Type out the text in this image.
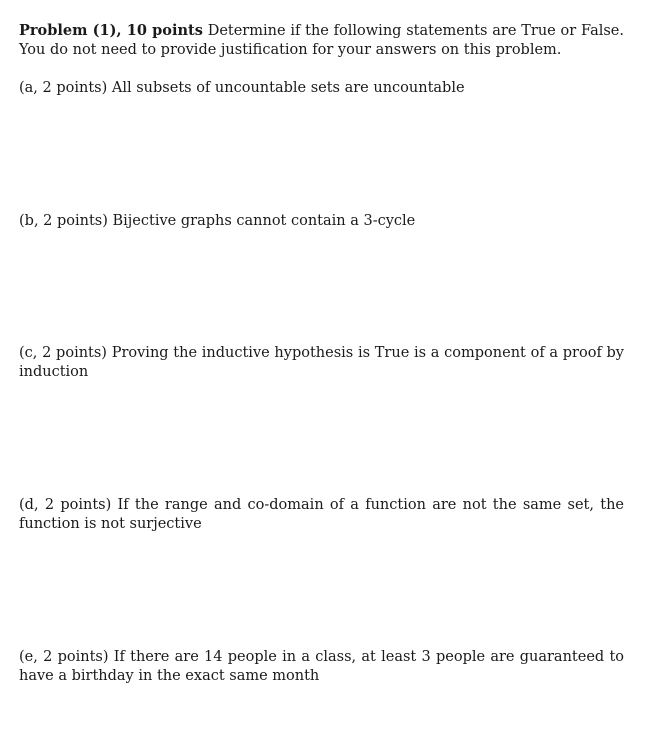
Problem (1), 10 points Determine if the following statements are True or False. You do not need to provide justification for your answers on this problem.
(a, 2 points) All subsets of uncountable sets are uncountable
(b, 2 points) Bijective graphs cannot contain a 3-cycle
(c, 2 points) Proving the inductive hypothesis is True is a component of a proof by induction
(d, 2 points) If the range and co-domain of a function are not the same set, the function is not surjective
(e, 2 points) If there are 14 people in a class, at least 3 people are guaranteed to have a birthday in the exact same month
